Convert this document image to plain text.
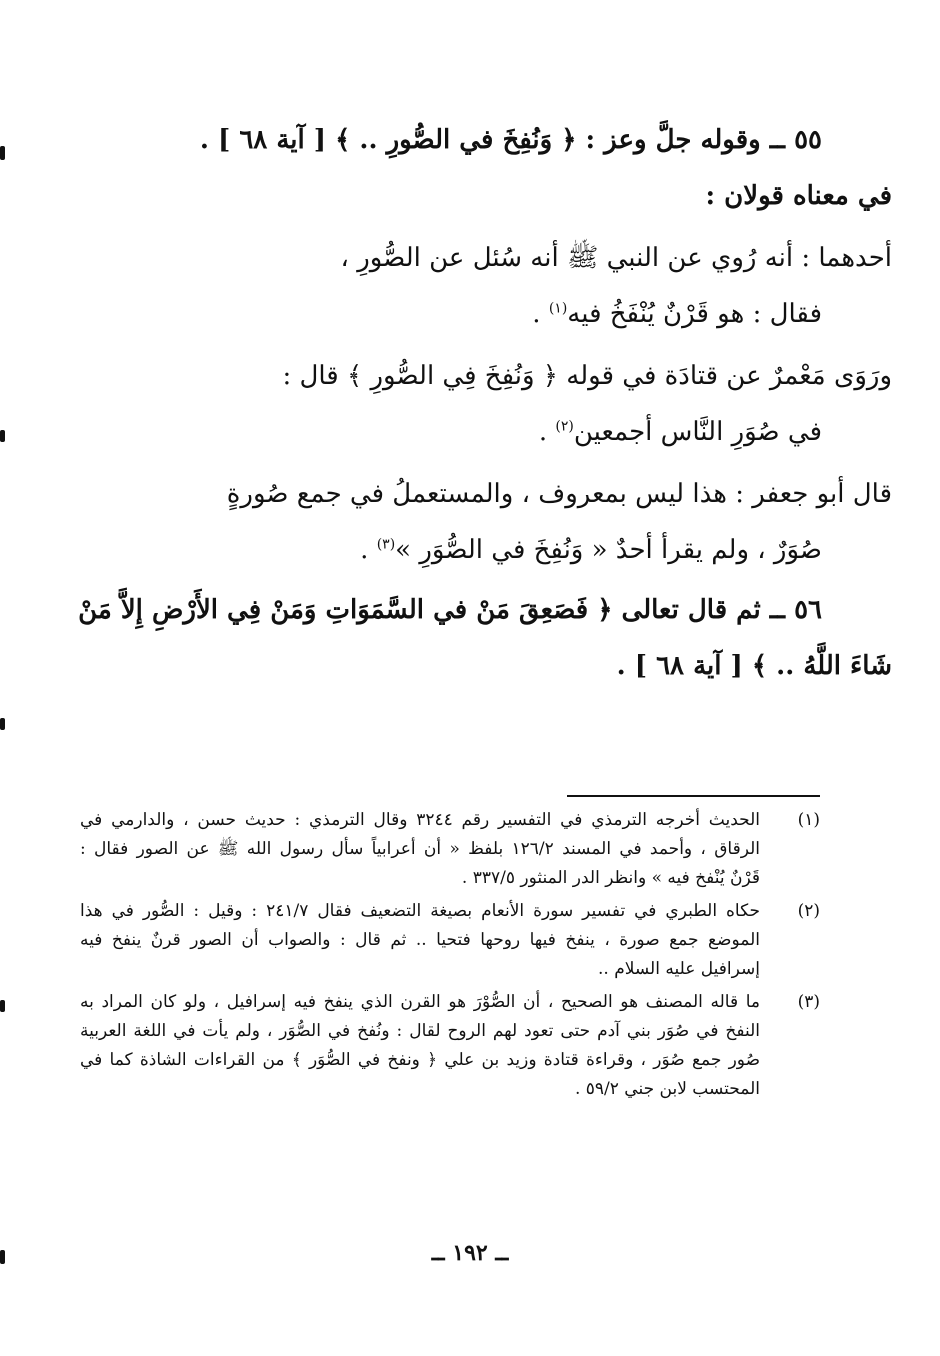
٥٥ ــ وقوله جلَّ وعز : ﴿ وَنُفِخَ في الصُّورِ .. ﴾ [ آية ٦٨ ] .
في معناه قولان :
أحدهما : أنه رُوي عن النبي ﷺ أنه سُئل عن الصُّورِ ،
فقال : هو قَرْنٌ يُنْفَخُ فيه$^{(١)}$ .
ورَوَى مَعْمرٌ عن قتادَة في قوله ﴿ وَنُفِخَ فِي الصُّورِ ﴾ قال :
في صُوَرِ النَّاس أجمعين$^{(٢)}$ .
قال أبو جعفر : هذا ليس بمعروف ، والمستعملُ في جمع صُورةٍ
صُوَرٌ ، ولم يقرأ أحدٌ « وَنُفِخَ في الصُّوَرِ »$^{(٣)}$ .
٥٦ ــ ثم قال تعالى ﴿ فَصَعِقَ مَنْ في السَّمَوَاتِ وَمَنْ فِي الأَرْضِ إِلاَّ مَنْ
شَاءَ اللَّهُ .. ﴾ [ آية ٦٨ ] .
(١)
الحديث أخرجه الترمذي في التفسير رقم ٣٢٤٤ وقال الترمذي : حديث حسن ، والدارمي في
الرقاق ، وأحمد في المسند ١٢٦/٢ بلفظ « أن أعرابياً سأل رسول الله ﷺ عن الصور فقال :
قَرْنٌ يُنْفخ فيه » وانظر الدر المنثور ٣٣٧/٥ .
(٢)
حكاه الطبري في تفسير سورة الأنعام بصيغة التضعيف فقال ٢٤١/٧ : وقيل : الصُّور في هذا
الموضع جمع صورة ، ينفخ فيها روحها فتحيا .. ثم قال : والصواب أن الصور قرنٌ ينفخ فيه
إسرافيل عليه السلام ..
(٣)
ما قاله المصنف هو الصحيح ، أن الصُّوْرَ هو القرن الذي ينفخ فيه إسرافيل ، ولو كان المراد به
النفخ في صُوَر بني آدم حتى تعود لهم الروح لقال : ونُفخ في الصُّوَر ، ولم يأت في اللغة العربية
صُور جمع صُوَر ، وقراءة قتادة وزيد بن علي ﴿ ونفخ في الصُّوَر ﴾ من القراءات الشاذة كما في
المحتسب لابن جني ٥٩/٢ .
ــ ١٩٢ ــ
